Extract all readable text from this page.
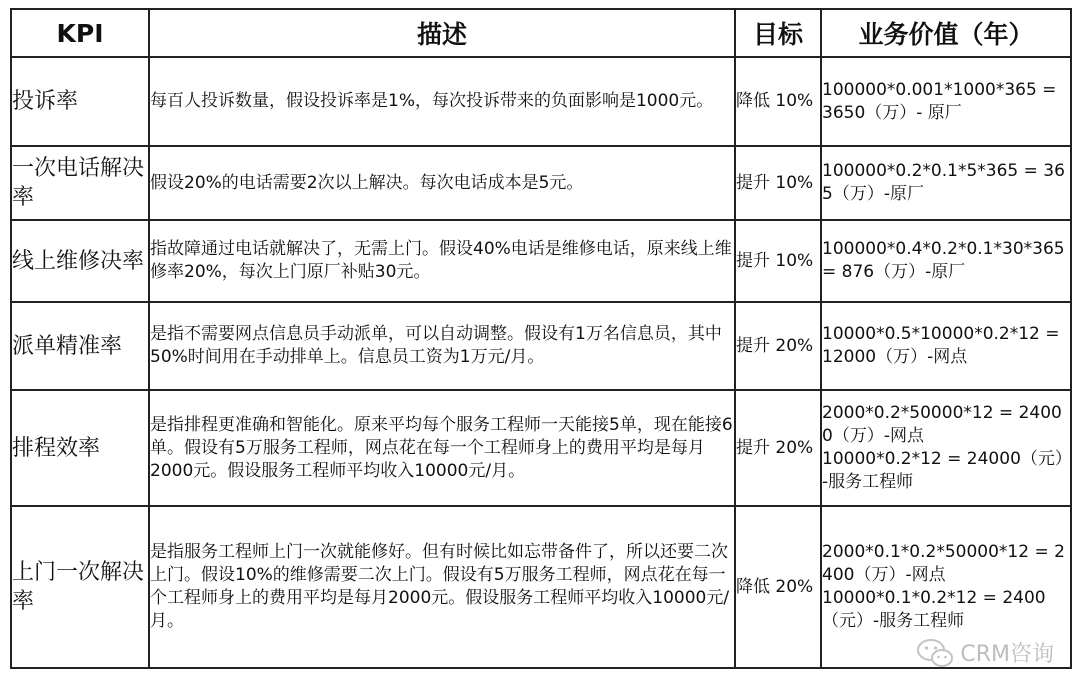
KPI	描述	目标	业务价值（年）
投诉率	每百人投诉数量，假设投诉率是1%，每次投诉带来的负面影响是1000元。	降低 10%	100000*0.001*1000*365 = 3650（万）- 原厂

一次电话解决率	假设20%的电话需要2次以上解决。每次电话成本是5元。	提升 10%	100000*0.2*0.1*5*365 = 365（万）-原厂

线上维修决率	指故障通过电话就解决了，无需上门。假设40%电话是维修电话，原来线上维修率20%，每次上门原厂补贴30元。	提升 10%	100000*0.4*0.2*0.1*30*365 = 876（万）-原厂

派单精准率	是指不需要网点信息员手动派单，可以自动调整。假设有1万名信息员，其中50%时间用在手动排单上。信息员工资为1万元/月。	提升 20%	10000*0.5*10000*0.2*12 = 12000（万）-网点

排程效率	是指排程更准确和智能化。原来平均每个服务工程师一天能接5单，现在能接6单。假设有5万服务工程师，网点花在每一个工程师身上的费用平均是每月2000元。假设服务工程师平均收入10000元/月。	提升 20%	2000*0.2*50000*12 = 24000（万）-网点
10000*0.2*12 = 24000（元）-服务工程师

上门一次解决率	是指服务工程师上门一次就能修好。但有时候比如忘带备件了，所以还要二次上门。假设10%的维修需要二次上门。假设有5万服务工程师，网点花在每一个工程师身上的费用平均是每月2000元。假设服务工程师平均收入10000元/月。	降低 20%	2000*0.1*0.2*50000*12 = 2400（万）-网点
10000*0.1*0.2*12 = 2400（元）-服务工程师
CRM咨询
